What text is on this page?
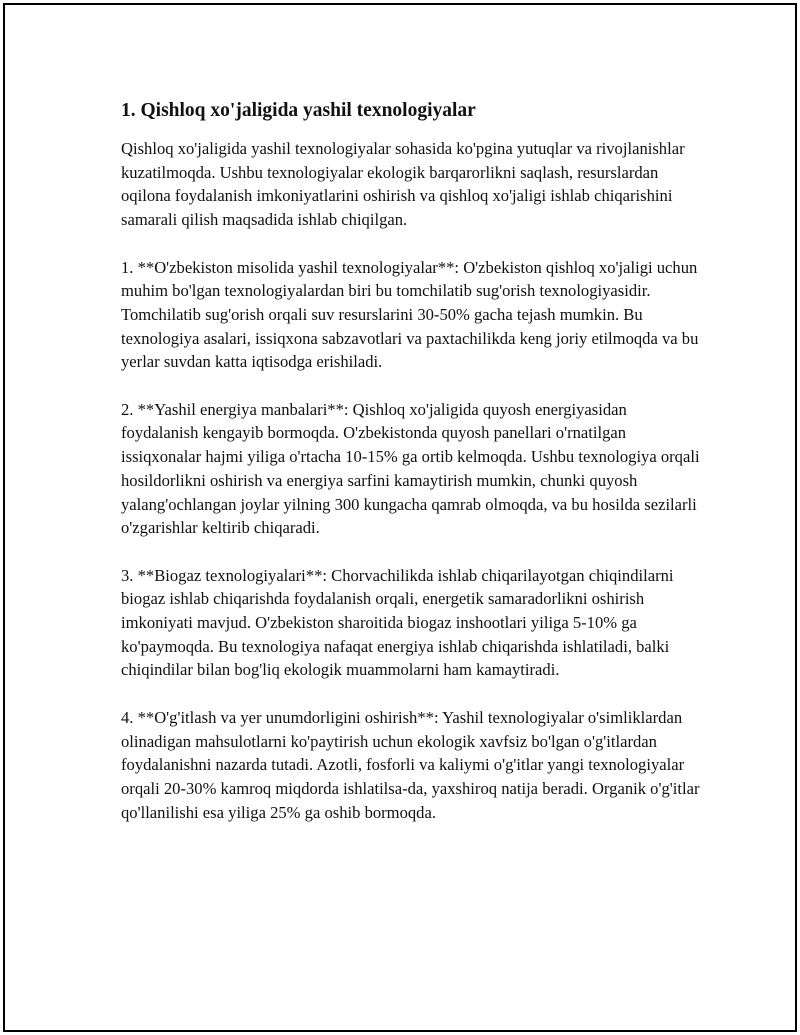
1. Qishloq xo'jaligida yashil texnologiyalar

Qishloq xo'jaligida yashil texnologiyalar sohasida ko'pgina yutuqlar va rivojlanishlar kuzatilmoqda. Ushbu texnologiyalar ekologik barqarorlikni saqlash, resurslardan oqilona foydalanish imkoniyatlarini oshirish va qishloq xo'jaligi ishlab chiqarishini samarali qilish maqsadida ishlab chiqilgan.

1. **O'zbekiston misolida yashil texnologiyalar**: O'zbekiston qishloq xo'jaligi uchun muhim bo'lgan texnologiyalardan biri bu tomchilatib sug'orish texnologiyasidir. Tomchilatib sug'orish orqali suv resurslarini 30-50% gacha tejash mumkin. Bu texnologiya asalari, issiqxona sabzavotlari va paxtachilikda keng joriy etilmoqda va bu yerlar suvdan katta iqtisodga erishiladi.

2. **Yashil energiya manbalari**: Qishloq xo'jaligida quyosh energiyasidan foydalanish kengayib bormoqda. O'zbekistonda quyosh panellari o'rnatilgan issiqxonalar hajmi yiliga o'rtacha 10-15% ga ortib kelmoqda. Ushbu texnologiya orqali hosildorlikni oshirish va energiya sarfini kamaytirish mumkin, chunki quyosh yalang'ochlangan joylar yilning 300 kungacha qamrab olmoqda, va bu hosilda sezilarli o'zgarishlar keltirib chiqaradi.

3. **Biogaz texnologiyalari**: Chorvachilikda ishlab chiqarilayotgan chiqindilarni biogaz ishlab chiqarishda foydalanish orqali, energetik samaradorlikni oshirish imkoniyati mavjud. O'zbekiston sharoitida biogaz inshootlari yiliga 5-10% ga ko'paymoqda. Bu texnologiya nafaqat energiya ishlab chiqarishda ishlatiladi, balki chiqindilar bilan bog'liq ekologik muammolarni ham kamaytiradi.

4. **O'g'itlash va yer unumdorligini oshirish**: Yashil texnologiyalar o'simliklardan olinadigan mahsulotlarni ko'paytirish uchun ekologik xavfsiz bo'lgan o'g'itlardan foydalanishni nazarda tutadi. Azotli, fosforli va kaliymi o'g'itlar yangi texnologiyalar orqali 20-30% kamroq miqdorda ishlatilsa-da, yaxshiroq natija beradi. Organik o'g'itlar qo'llanilishi esa yiliga 25% ga oshib bormoqda.
